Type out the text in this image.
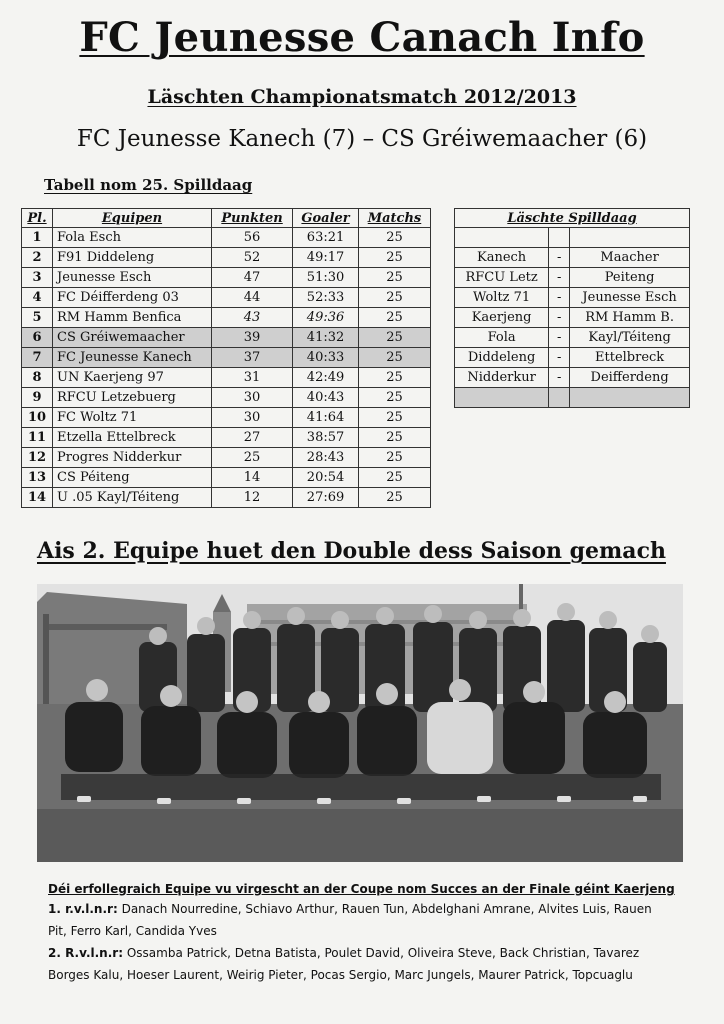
FC Jeunesse Canach Info
Läschten Championatsmatch 2012/2013
FC Jeunesse Kanech (7) – CS Gréiwemaacher (6)
Tabell nom 25. Spilldaag
Pl.	Equipen	Punkten	Goaler	Matchs
1	Fola Esch	56	63:21	25
2	F91 Diddeleng	52	49:17	25
3	Jeunesse Esch	47	51:30	25
4	FC Déifferdeng 03	44	52:33	25
5	RM Hamm Benfica	43	49:36	25
6	CS Gréiwemaacher	39	41:32	25
7	FC Jeunesse Kanech	37	40:33	25
8	UN Kaerjeng 97	31	42:49	25
9	RFCU Letzebuerg	30	40:43	25
10	FC Woltz 71	30	41:64	25
11	Etzella Ettelbreck	27	38:57	25
12	Progres Nidderkur	25	28:43	25
13	CS Péiteng	14	20:54	25
14	U .05 Kayl/Téiteng	12	27:69	25
Läschte Spilldaag		

Kanech	-	Maacher
RFCU Letz	-	Peiteng
Woltz 71	-	Jeunesse Esch
Kaerjeng	-	RM Hamm B.
Fola	-	Kayl/Téiteng
Diddeleng	-	Ettelbreck
Nidderkur	-	Deifferdeng

Ais 2. Equipe huet den Double dess Saison gemach
Déi erfollegraich Equipe vu virgescht an der Coupe nom Succes an der Finale géint Kaerjeng
1. r.v.l.n.r: Danach Nourredine, Schiavo Arthur, Rauen Tun, Abdelghani Amrane, Alvites Luis, Rauen
Pit, Ferro Karl, Candida Yves
2. R.v.l.n.r: Ossamba Patrick, Detna Batista, Poulet David, Oliveira Steve, Back Christian, Tavarez
Borges Kalu, Hoeser Laurent, Weirig Pieter, Pocas Sergio, Marc Jungels, Maurer Patrick, Topcuaglu
